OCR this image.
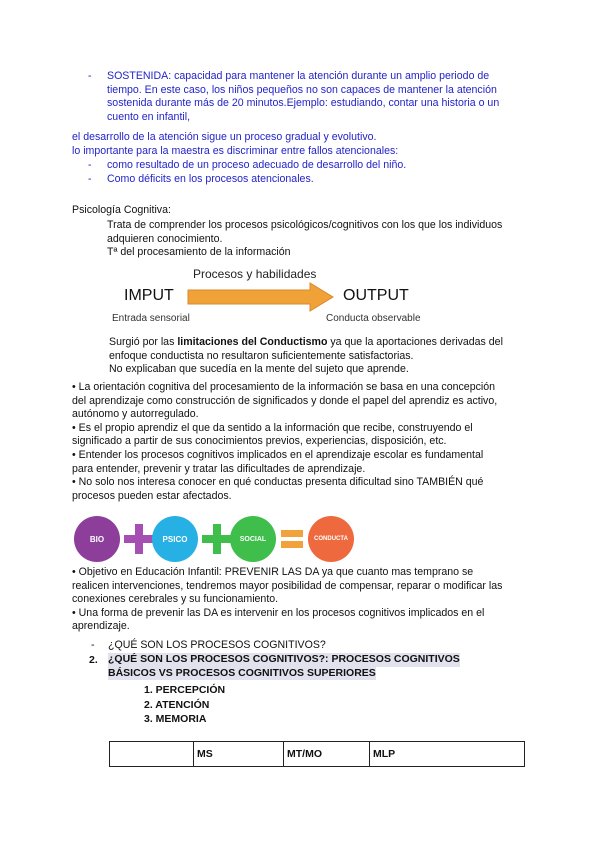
- SOSTENIDA: capacidad para mantener la atención durante un amplio periodo de

tiempo. En este caso, los niños pequeños no son capaces de mantener la atención

sostenida durante más de 20 minutos.Ejemplo: estudiando, contar una historia o un

cuento en infantil,

el desarrollo de la atención sigue un proceso gradual y evolutivo.

lo importante para la maestra es discriminar entre fallos atencionales:

- como resultado de un proceso adecuado de desarrollo del niño.
- Como déficits en los procesos atencionales.

Psicología Cognitiva:

Trata de comprender los procesos psicológicos/cognitivos con los que los individuos

adquieren conocimiento.

Tª del procesamiento de la información

Procesos y habilidades
IMPUT	OUTPUT
Entrada sensorial	Conducta observable

Surgió por las limitaciones del Conductismo ya que la aportaciones derivadas del

enfoque conductista no resultaron suficientemente satisfactorias.

No explicaban que sucedía en la mente del sujeto que aprende.

• La orientación cognitiva del procesamiento de la información se basa en una concepción

del aprendizaje como construcción de significados y donde el papel del aprendiz es activo,

autónomo y autorregulado.

• Es el propio aprendiz el que da sentido a la información que recibe, construyendo el

significado a partir de sus conocimientos previos, experiencias, disposición, etc.

• Entender los procesos cognitivos implicados en el aprendizaje escolar es fundamental

para entender, prevenir y tratar las dificultades de aprendizaje.

• No solo nos interesa conocer en qué conductas presenta dificultad sino TAMBIÉN qué

procesos pueden estar afectados.

BIO	PSICO	SOCIAL	CONDUCTA

• Objetivo en Educación Infantil: PREVENIR LAS DA ya que cuanto mas temprano se

realicen intervenciones, tendremos mayor posibilidad de compensar, reparar o modificar las

conexiones cerebrales y su funcionamiento.

• Una forma de prevenir las DA es intervenir en los procesos cognitivos implicados en el

aprendizaje.

- ¿QUÉ SON LOS PROCESOS COGNITIVOS?
2. ¿QUÉ SON LOS PROCESOS COGNITIVOS?: PROCESOS COGNITIVOS

BÁSICOS VS PROCESOS COGNITIVOS SUPERIORES

1. PERCEPCIÓN

2. ATENCIÓN

3. MEMORIA

	MS	MT/MO	MLP
